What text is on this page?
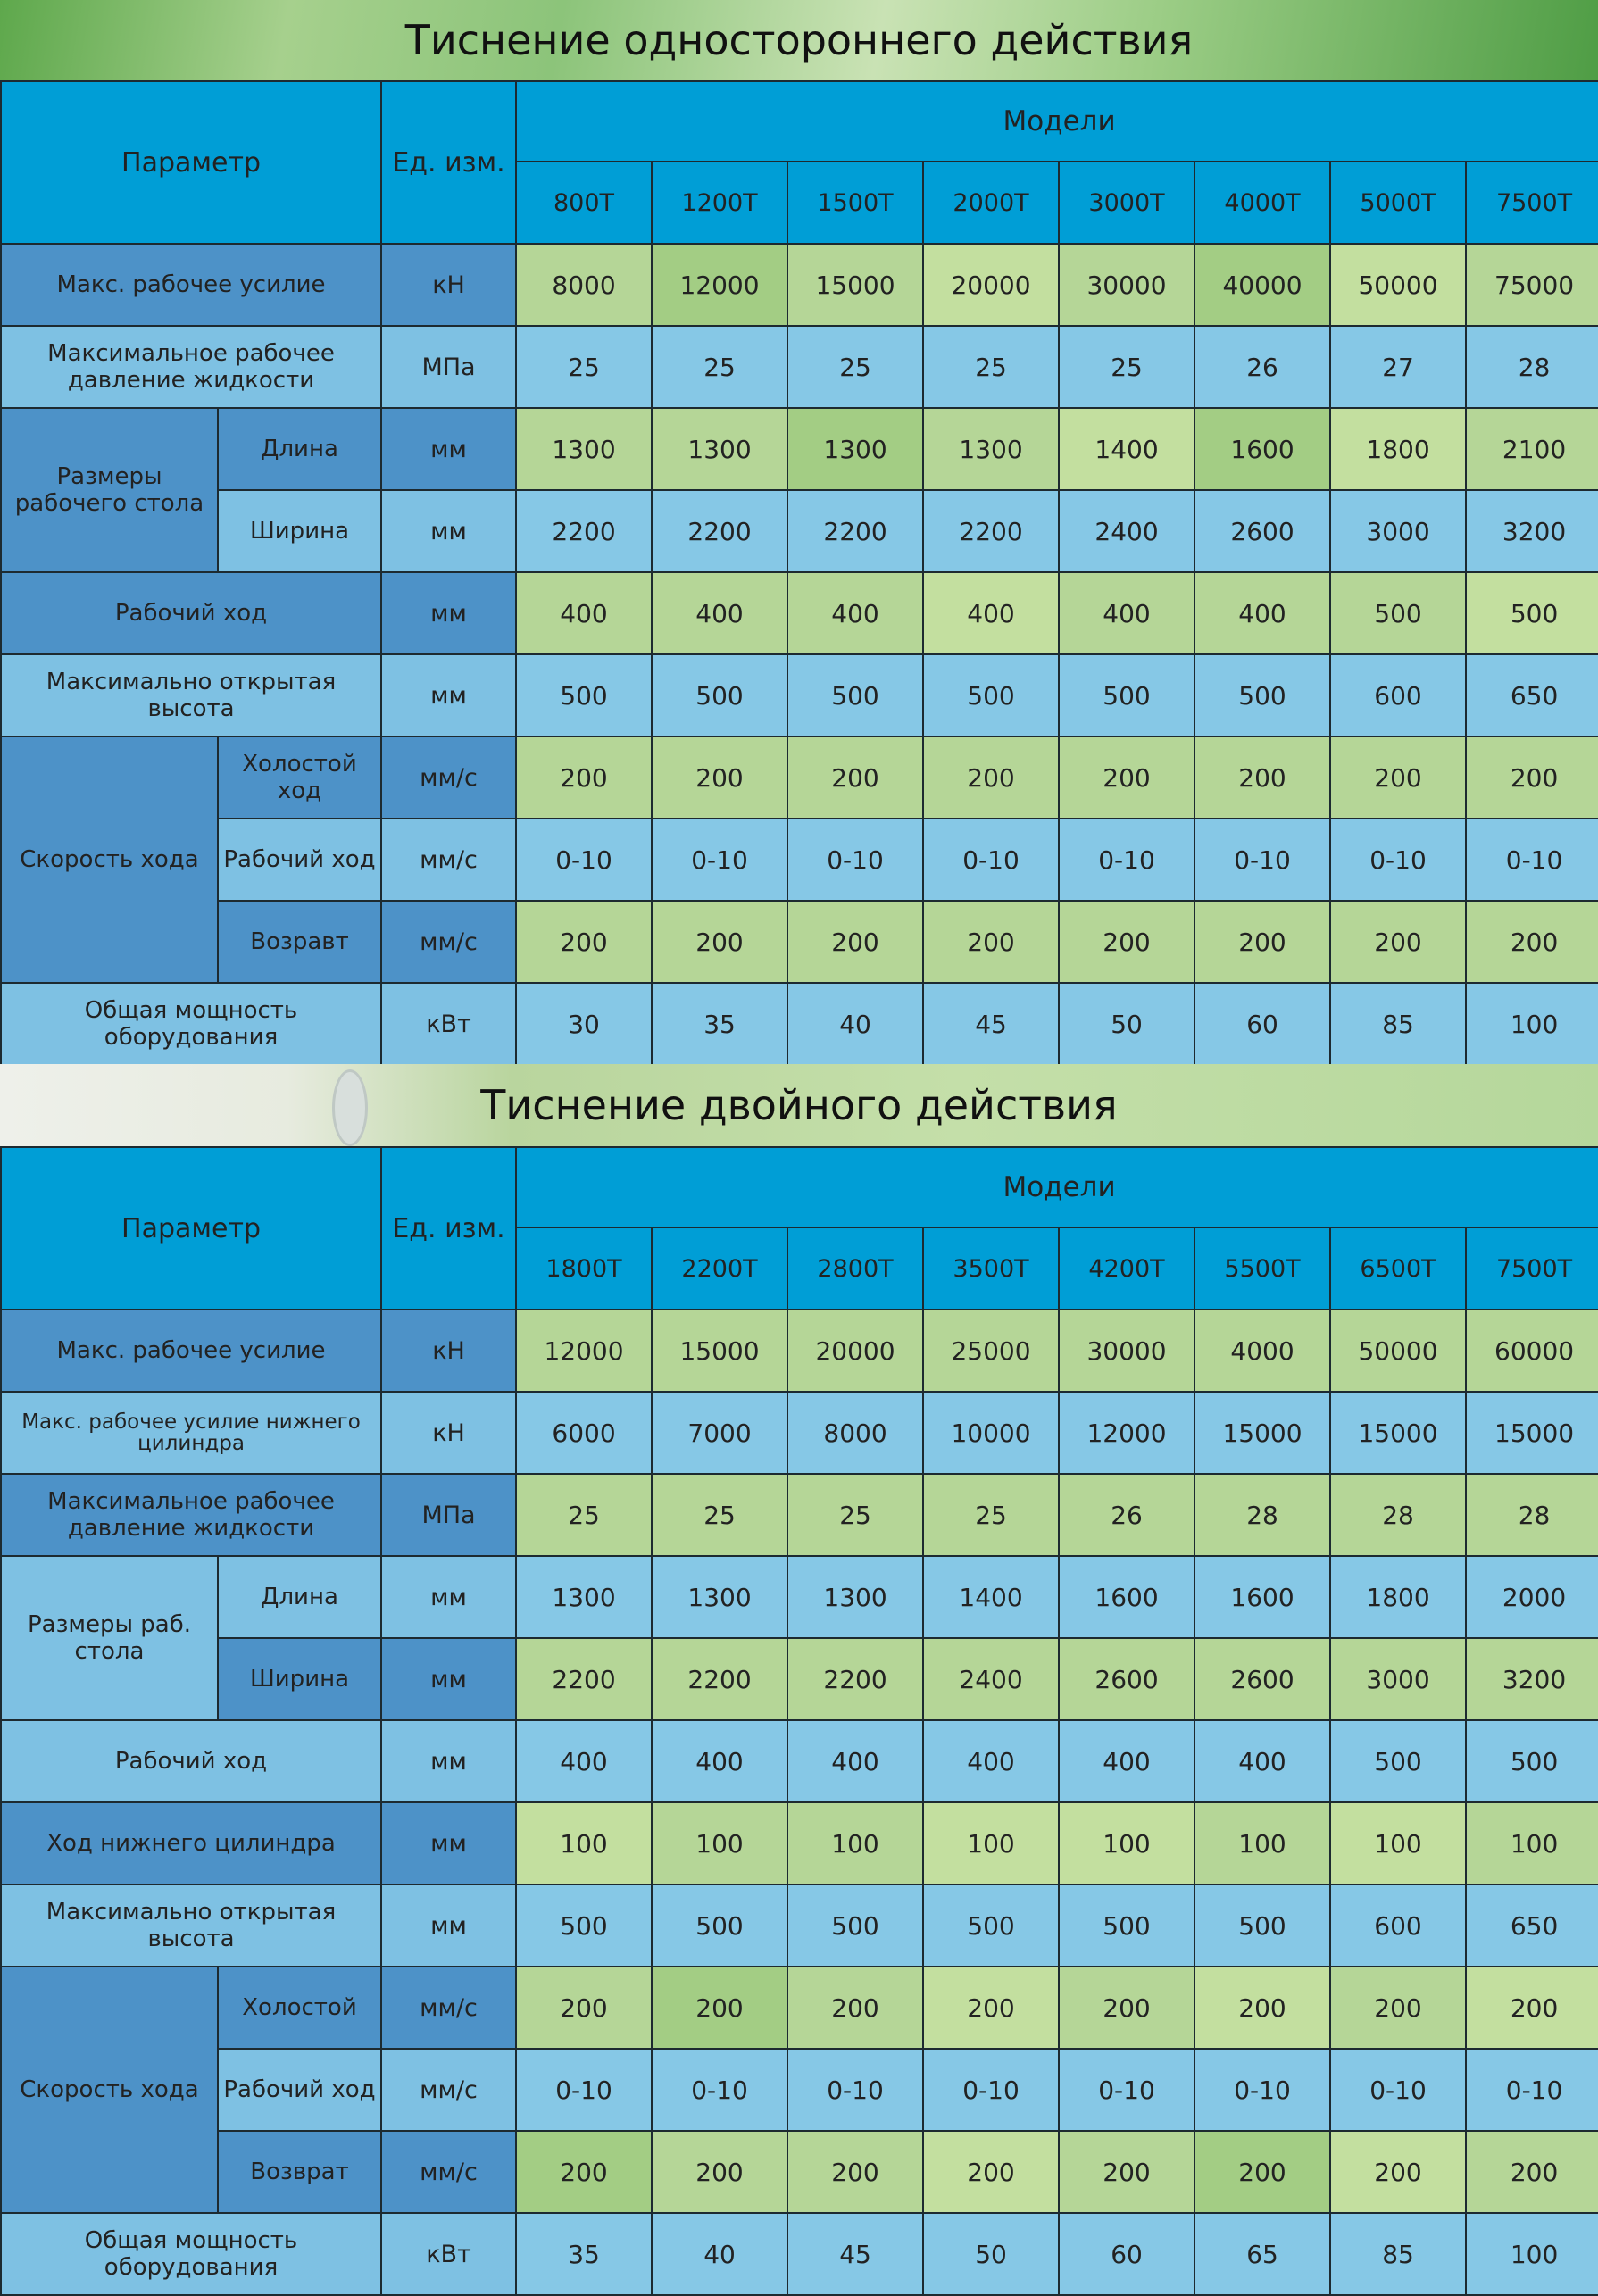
Тиснение одностороннего действия
Параметр		Ед. изм.	Модели							
			800T	1200T	1500T	2000T	3000T	4000T	5000T	7500T
Макс. рабочее усилие		кН	8000	12000	15000	20000	30000	40000	50000	75000
Максимальное рабочее давление жидкости		МПа	25	25	25	25	25	26	27	28
Размеры рабочего стола	Длина	мм	1300	1300	1300	1300	1400	1600	1800	2100
	Ширина	мм	2200	2200	2200	2200	2400	2600	3000	3200
Рабочий ход		мм	400	400	400	400	400	400	500	500
Максимально открытая высота		мм	500	500	500	500	500	500	600	650
Скорость хода	Холостой ход	мм/с	200	200	200	200	200	200	200	200
	Рабочий ход	мм/с	0-10	0-10	0-10	0-10	0-10	0-10	0-10	0-10
	Возравт	мм/с	200	200	200	200	200	200	200	200
Общая мощность оборудования		кВт	30	35	40	45	50	60	85	100
Тиснение двойного действия
Параметр		Ед. изм.	Модели							
			1800T	2200T	2800T	3500T	4200T	5500T	6500T	7500T
Макс. рабочее усилие		кН	12000	15000	20000	25000	30000	4000	50000	60000
Макс. рабочее усилие нижнего цилиндра		кН	6000	7000	8000	10000	12000	15000	15000	15000
Максимальное рабочее давление жидкости		МПа	25	25	25	25	26	28	28	28
Размеры раб. стола	Длина	мм	1300	1300	1300	1400	1600	1600	1800	2000
	Ширина	мм	2200	2200	2200	2400	2600	2600	3000	3200
Рабочий ход		мм	400	400	400	400	400	400	500	500
Ход нижнего цилиндра		мм	100	100	100	100	100	100	100	100
Максимально открытая высота		мм	500	500	500	500	500	500	600	650
Скорость хода	Холостой	мм/с	200	200	200	200	200	200	200	200
	Рабочий ход	мм/с	0-10	0-10	0-10	0-10	0-10	0-10	0-10	0-10
	Возврат	мм/с	200	200	200	200	200	200	200	200
Общая мощность оборудования		кВт	35	40	45	50	60	65	85	100
